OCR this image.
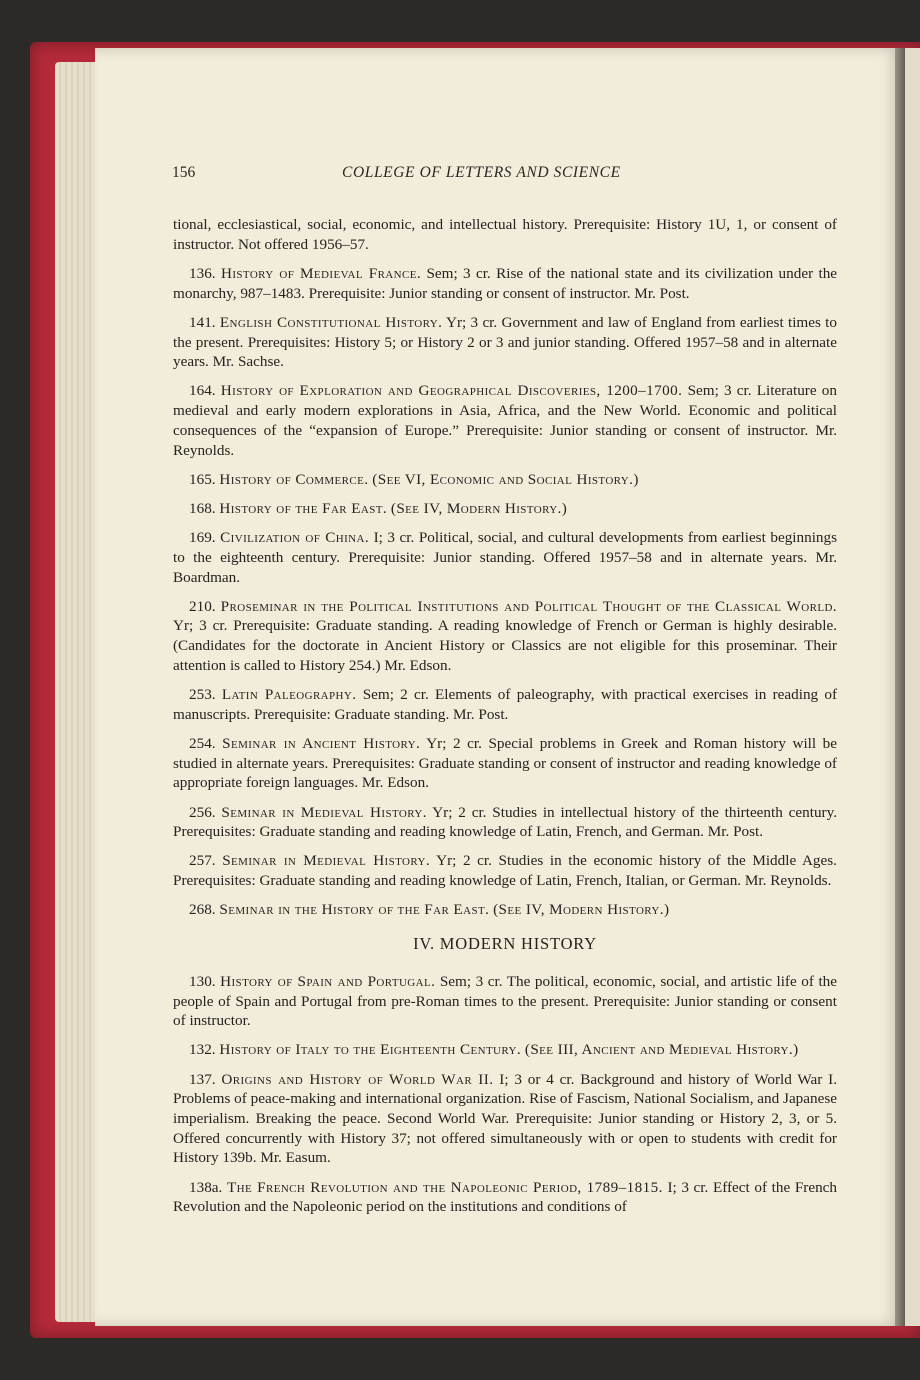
156	COLLEGE OF LETTERS AND SCIENCE

tional, ecclesiastical, social, economic, and intellectual history. Prerequisite: History 1U, 1, or consent of instructor. Not offered 1956–57.

136. History of Medieval France. Sem; 3 cr. Rise of the national state and its civilization under the monarchy, 987–1483. Prerequisite: Junior standing or consent of instructor. Mr. Post.

141. English Constitutional History. Yr; 3 cr. Government and law of England from earliest times to the present. Prerequisites: History 5; or History 2 or 3 and junior standing. Offered 1957–58 and in alternate years. Mr. Sachse.

164. History of Exploration and Geographical Discoveries, 1200–1700. Sem; 3 cr. Literature on medieval and early modern explorations in Asia, Africa, and the New World. Economic and political consequences of the “expansion of Europe.” Prerequisite: Junior standing or consent of instructor. Mr. Reynolds.

165. History of Commerce. (See VI, Economic and Social History.)

168. History of the Far East. (See IV, Modern History.)

169. Civilization of China. I; 3 cr. Political, social, and cultural developments from earliest beginnings to the eighteenth century. Prerequisite: Junior standing. Offered 1957–58 and in alternate years. Mr. Boardman.

210. Proseminar in the Political Institutions and Political Thought of the Classical World. Yr; 3 cr. Prerequisite: Graduate standing. A reading knowledge of French or German is highly desirable. (Candidates for the doctorate in Ancient History or Classics are not eligible for this proseminar. Their attention is called to History 254.) Mr. Edson.

253. Latin Paleography. Sem; 2 cr. Elements of paleography, with practical exercises in reading of manuscripts. Prerequisite: Graduate standing. Mr. Post.

254. Seminar in Ancient History. Yr; 2 cr. Special problems in Greek and Roman history will be studied in alternate years. Prerequisites: Graduate standing or consent of instructor and reading knowledge of appropriate foreign languages. Mr. Edson.

256. Seminar in Medieval History. Yr; 2 cr. Studies in intellectual history of the thirteenth century. Prerequisites: Graduate standing and reading knowledge of Latin, French, and German. Mr. Post.

257. Seminar in Medieval History. Yr; 2 cr. Studies in the economic history of the Middle Ages. Prerequisites: Graduate standing and reading knowledge of Latin, French, Italian, or German. Mr. Reynolds.

268. Seminar in the History of the Far East. (See IV, Modern History.)

IV. MODERN HISTORY

130. History of Spain and Portugal. Sem; 3 cr. The political, economic, social, and artistic life of the people of Spain and Portugal from pre-Roman times to the present. Prerequisite: Junior standing or consent of instructor.

132. History of Italy to the Eighteenth Century. (See III, Ancient and Medieval History.)

137. Origins and History of World War II. I; 3 or 4 cr. Background and history of World War I. Problems of peace-making and international organization. Rise of Fascism, National Socialism, and Japanese imperialism. Breaking the peace. Second World War. Prerequisite: Junior standing or History 2, 3, or 5. Offered concurrently with History 37; not offered simultaneously with or open to students with credit for History 139b. Mr. Easum.

138a. The French Revolution and the Napoleonic Period, 1789–1815. I; 3 cr. Effect of the French Revolution and the Napoleonic period on the institutions and conditions of
